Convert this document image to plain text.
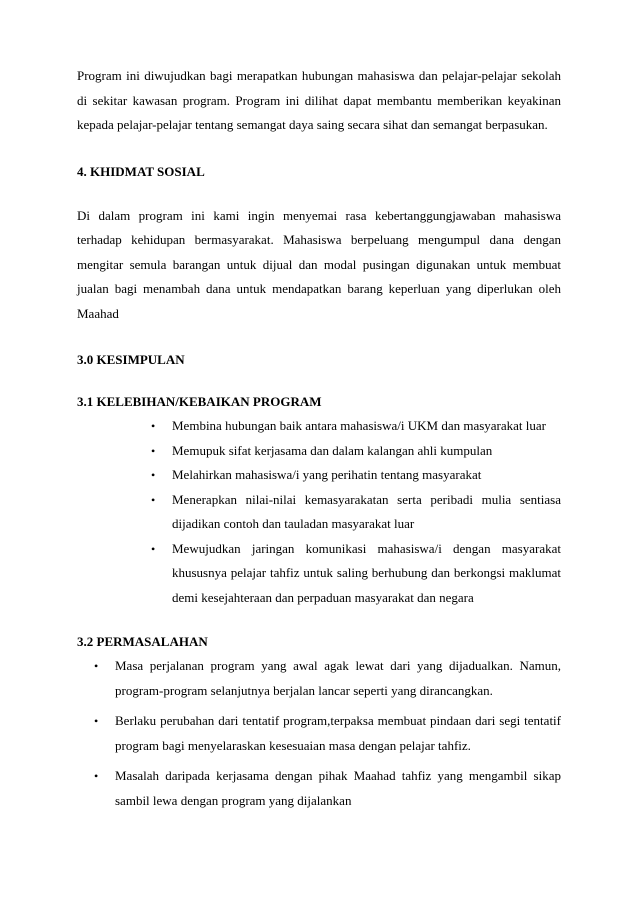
Program ini diwujudkan bagi merapatkan hubungan mahasiswa dan pelajar-pelajar sekolah di sekitar kawasan program. Program ini dilihat dapat membantu memberikan keyakinan kepada pelajar-pelajar tentang semangat daya saing secara sihat dan semangat berpasukan.

4. KHIDMAT SOSIAL

Di dalam program ini kami ingin menyemai rasa kebertanggungjawaban mahasiswa terhadap kehidupan bermasyarakat. Mahasiswa berpeluang mengumpul dana dengan mengitar semula barangan untuk dijual dan modal pusingan digunakan untuk membuat jualan bagi menambah dana untuk mendapatkan barang keperluan yang diperlukan oleh Maahad

3.0 KESIMPULAN

3.1 KELEBIHAN/KEBAIKAN PROGRAM

• Membina hubungan baik antara mahasiswa/i UKM dan masyarakat luar
• Memupuk sifat kerjasama dan dalam kalangan ahli kumpulan
• Melahirkan mahasiswa/i yang perihatin tentang masyarakat
• Menerapkan nilai-nilai kemasyarakatan serta peribadi mulia sentiasa dijadikan contoh dan tauladan masyarakat luar
• Mewujudkan jaringan komunikasi mahasiswa/i dengan masyarakat khususnya pelajar tahfiz untuk saling berhubung dan berkongsi maklumat demi kesejahteraan dan perpaduan masyarakat dan negara

3.2 PERMASALAHAN

• Masa perjalanan program yang awal agak lewat dari yang dijadualkan. Namun, program-program selanjutnya berjalan lancar seperti yang dirancangkan.
• Berlaku perubahan dari tentatif program,terpaksa membuat pindaan dari segi tentatif program bagi menyelaraskan kesesuaian masa dengan pelajar tahfiz.
• Masalah daripada kerjasama dengan pihak Maahad tahfiz yang mengambil sikap sambil lewa dengan program yang dijalankan
